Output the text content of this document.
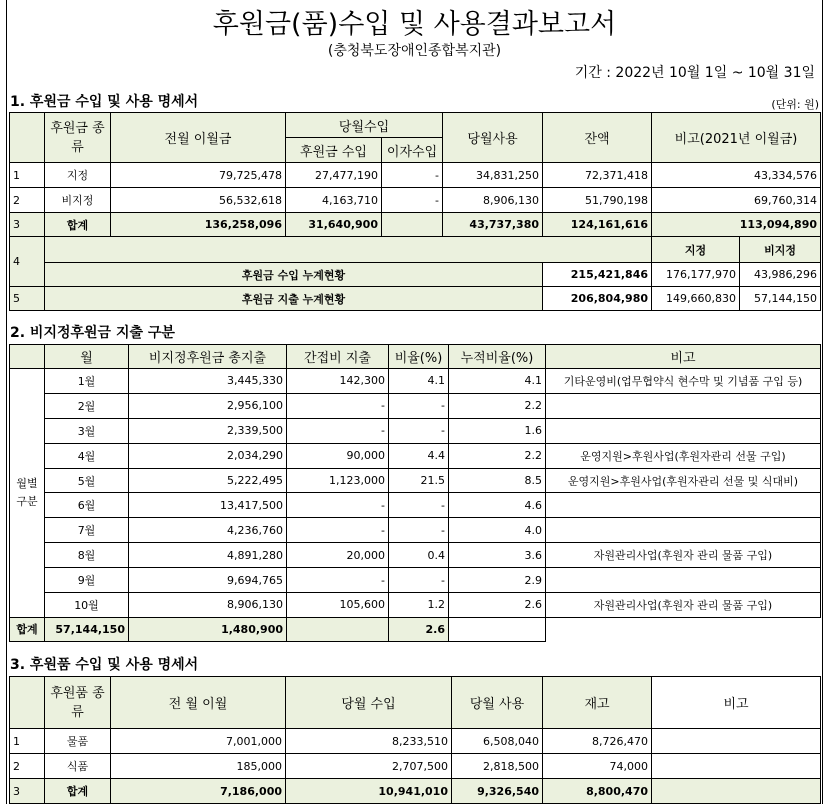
후원금(품)수입 및 사용결과보고서
(충청북도장애인종합복지관)
기간 : 2022년 10월 1일 ~ 10월 31일
1. 후원금 수입 및 사용 명세서	(단위: 원)
	후원금 종류	전월 이월금	당월수입		당월사용	잔액	비고(2021년 이월금)	
			후원금 수입	이자수입				
1	지정	79,725,478	27,477,190	-	34,831,250	72,371,418	43,334,576	
2	비지정	56,532,618	4,163,710	-	8,906,130	51,790,198	69,760,314	
3	합계	136,258,096	31,640,900		43,737,380	124,161,616	113,094,890	
4							지정	비지정
	후원금 수입 누계현황					215,421,846	176,177,970	43,986,296
5	후원금 지출 누계현황					206,804,980	149,660,830	57,144,150
2. 비지정후원금 지출 구분
	월	비지정후원금 총지출	간접비 지출	비율(%)	누적비율(%)	비고
월별 구분	1월	3,445,330	142,300	4.1	4.1	기타운영비(업무협약식 현수막 및 기념품 구입 등)
	2월	2,956,100	-	-	2.2	
	3월	2,339,500	-	-	1.6	
	4월	2,034,290	90,000	4.4	2.2	운영지원>후원사업(후원자관리 선물 구입)
	5월	5,222,495	1,123,000	21.5	8.5	운영지원>후원사업(후원자관리 선물 및 식대비)
	6월	13,417,500	-	-	4.6	
	7월	4,236,760	-	-	4.0	
	8월	4,891,280	20,000	0.4	3.6	자원관리사업(후원자 관리 물품 구입)
	9월	9,694,765	-	-	2.9	
	10월	8,906,130	105,600	1.2	2.6	자원관리사업(후원자 관리 물품 구입)
합계	57,144,150	1,480,900		2.6		
3. 후원품 수입 및 사용 명세서
	후원품 종류	전 월 이월	당월 수입	당월 사용	재고	비고
1	물품	7,001,000	8,233,510	6,508,040	8,726,470	
2	식품	185,000	2,707,500	2,818,500	74,000	
3	합계	7,186,000	10,941,010	9,326,540	8,800,470	
